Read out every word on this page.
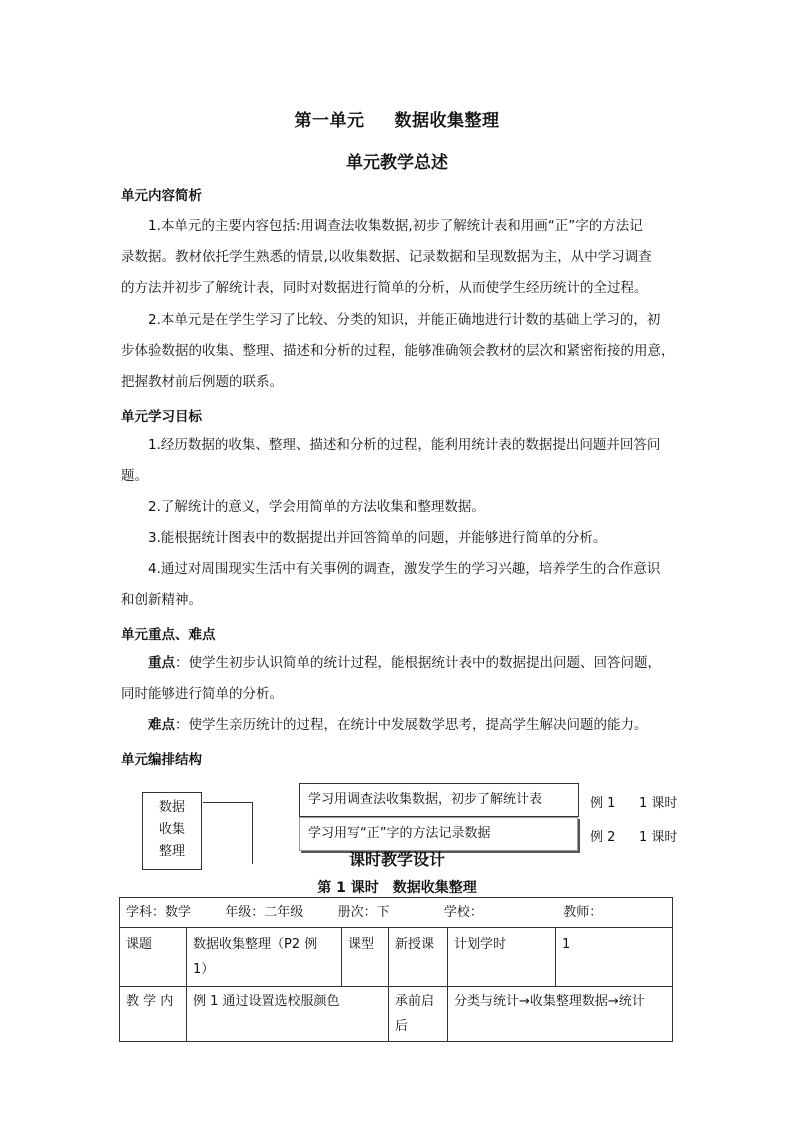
第一单元 数据收集整理
单元教学总述
单元内容简析
1.本单元的主要内容包括:用调查法收集数据,初步了解统计表和用画“正”字的方法记
录数据。教材依托学生熟悉的情景,以收集数据、记录数据和呈现数据为主，从中学习调查
的方法并初步了解统计表，同时对数据进行简单的分析，从而使学生经历统计的全过程。
2.本单元是在学生学习了比较、分类的知识，并能正确地进行计数的基础上学习的，初
步体验数据的收集、整理、描述和分析的过程，能够准确领会教材的层次和紧密衔接的用意，
把握教材前后例题的联系。
单元学习目标
1.经历数据的收集、整理、描述和分析的过程，能利用统计表的数据提出问题并回答问
题。
2.了解统计的意义，学会用简单的方法收集和整理数据。
3.能根据统计图表中的数据提出并回答简单的问题，并能够进行简单的分析。
4.通过对周围现实生活中有关事例的调查，激发学生的学习兴趣，培养学生的合作意识
和创新精神。
单元重点、难点
重点：使学生初步认识简单的统计过程，能根据统计表中的数据提出问题、回答问题，
同时能够进行简单的分析。
难点：使学生亲历统计的过程，在统计中发展数学思考，提高学生解决问题的能力。
单元编排结构
数据
收集
整理
学习用调查法收集数据，初步了解统计表	例 1 1 课时
学习用写“正”字的方法记录数据	例 2 1 课时
课时教学设计
第 1 课时　数据收集整理
学科：数学 年级：二年级 册次：下 学校： 教师：					
课题	数据收集整理（P2 例 1）	课型	新授课	计划学时	1
教 学 内	例 1 通过设置选校服颜色		承前启后	分类与统计→收集整理数据→统计	
